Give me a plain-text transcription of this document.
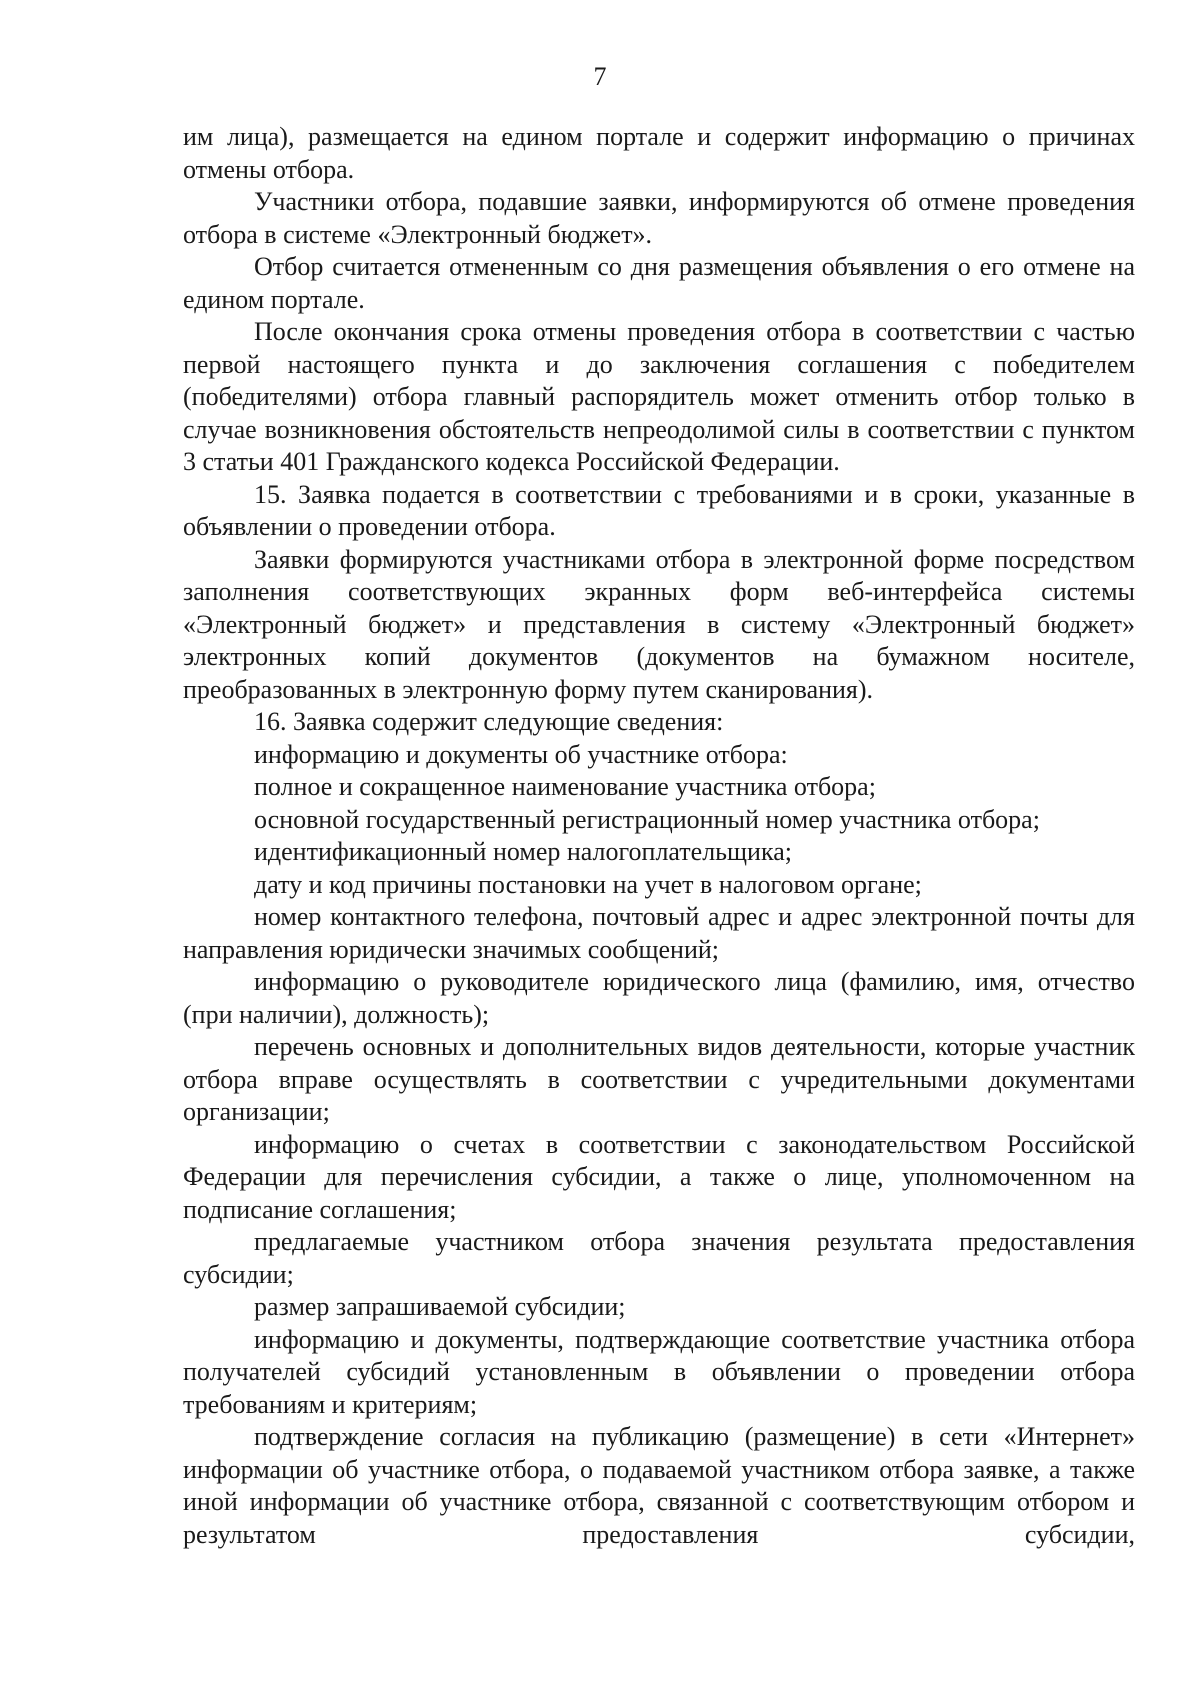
7

им лица), размещается на едином портале и содержит информацию о причинах отмены отбора.

Участники отбора, подавшие заявки, информируются об отмене проведения отбора в системе «Электронный бюджет».

Отбор считается отмененным со дня размещения объявления о его отмене на едином портале.

После окончания срока отмены проведения отбора в соответствии с частью первой настоящего пункта и до заключения соглашения с победителем (победителями) отбора главный распорядитель может отменить отбор только в случае возникновения обстоятельств непреодолимой силы в соответствии с пунктом 3 статьи 401 Гражданского кодекса Российской Федерации.

15. Заявка подается в соответствии с требованиями и в сроки, указанные в объявлении о проведении отбора.

Заявки формируются участниками отбора в электронной форме посредством заполнения соответствующих экранных форм веб-интерфейса системы «Электронный бюджет» и представления в систему «Электронный бюджет» электронных копий документов (документов на бумажном носителе, преобразованных в электронную форму путем сканирования).

16. Заявка содержит следующие сведения:

информацию и документы об участнике отбора:

полное и сокращенное наименование участника отбора;

основной государственный регистрационный номер участника отбора;

идентификационный номер налогоплательщика;

дату и код причины постановки на учет в налоговом органе;

номер контактного телефона, почтовый адрес и адрес электронной почты для направления юридически значимых сообщений;

информацию о руководителе юридического лица (фамилию, имя, отчество (при наличии), должность);

перечень основных и дополнительных видов деятельности, которые участник отбора вправе осуществлять в соответствии с учредительными документами организации;

информацию о счетах в соответствии с законодательством Российской Федерации для перечисления субсидии, а также о лице, уполномоченном на подписание соглашения;

предлагаемые участником отбора значения результата предоставления субсидии;

размер запрашиваемой субсидии;

информацию и документы, подтверждающие соответствие участника отбора получателей субсидий установленным в объявлении о проведении отбора требованиям и критериям;

подтверждение согласия на публикацию (размещение) в сети «Интернет» информации об участнике отбора, о подаваемой участником отбора заявке, а также иной информации об участнике отбора, связанной с соответствующим отбором и результатом предоставления субсидии,
